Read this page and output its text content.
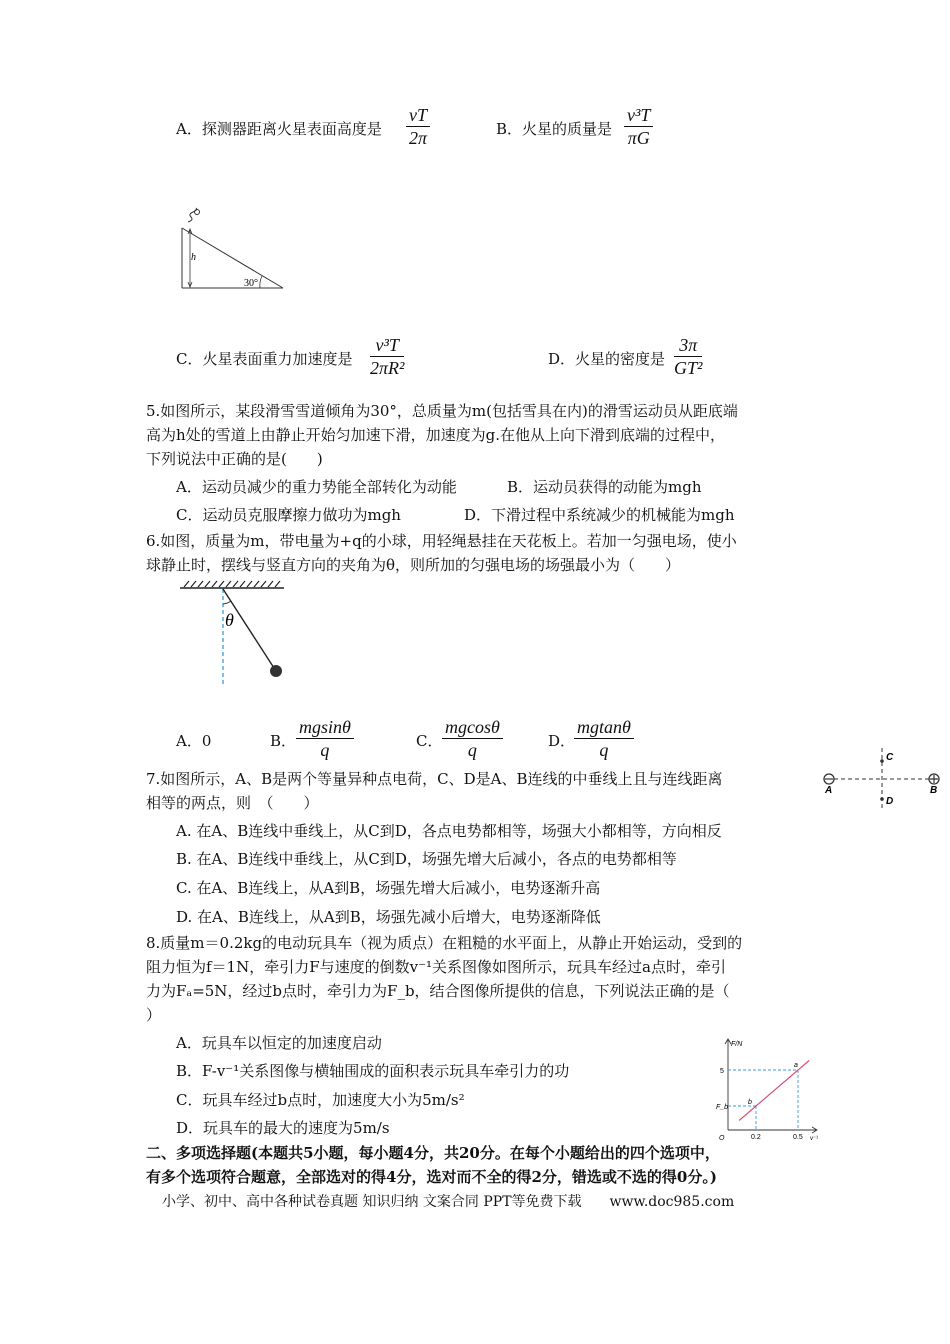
A．探测器距离火星表面高度是 $\frac{vT}{2\pi}$	B．火星的质量是 $\frac{\text{v³T}}{\pi G}$
h
30°
C．火星表面重力加速度是 $\frac{\text{v³T}}{\text{2πR²}}$	D．火星的密度是 $\frac{3\pi}{\text{GT²}}$
5.如图所示，某段滑雪雪道倾角为30°，总质量为m(包括雪具在内)的滑雪运动员从距底端
高为h处的雪道上由静止开始匀加速下滑，加速度为g.在他从上向下滑到底端的过程中，
下列说法中正确的是(　　)
A．运动员减少的重力势能全部转化为动能	B．运动员获得的动能为mgh
C．运动员克服摩擦力做功为mgh	D．下滑过程中系统减少的机械能为mgh
6.如图，质量为m，带电量为+q的小球，用轻绳悬挂在天花板上。若加一匀强电场，使小
球静止时，摆线与竖直方向的夹角为θ，则所加的匀强电场的场强最小为（　　）
θ
A．0	B． $\frac{mgsin\theta}{q}$	C． $\frac{mgcos\theta}{q}$	D．
$\frac{mgtan\theta}{q}$
7.如图所示，A、B是两个等量异种点电荷，C、D是A、B连线的中垂线上且与连线距离
相等的两点，则　（　　）
A. 在A、B连线中垂线上，从C到D，各点电势都相等，场强大小都相等，方向相反
B. 在A、B连线中垂线上，从C到D，场强先增大后减小，各点的电势都相等
C. 在A、B连线上，从A到B，场强先增大后减小，电势逐渐升高
D. 在A、B连线上，从A到B，场强先减小后增大，电势逐渐降低
A	B
C
D
8.质量m＝0.2kg的电动玩具车（视为质点）在粗糙的水平面上，从静止开始运动，受到的
阻力恒为f＝1N，牵引力F与速度的倒数v⁻¹关系图像如图所示，玩具车经过a点时，牵引
力为Fₐ=5N，经过b点时，牵引力为F_b，结合图像所提供的信息，下列说法正确的是（
）
A．玩具车以恒定的加速度启动
B．F-v⁻¹关系图像与横轴围成的面积表示玩具车牵引力的功
C．玩具车经过b点时，加速度大小为5m/s²
D．玩具车的最大的速度为5m/s
F/N
v⁻¹
O
5
F_b
0.2	0.5
a
b
二、多项选择题(本题共5小题，每小题4分，共20分。在每个小题给出的四个选项中，
有多个选项符合题意，全部选对的得4分，选对而不全的得2分，错选或不选的得0分。)
小学、初中、高中各种试卷真题 知识归纳 文案合同 PPT等免费下载　　www.doc985.com
